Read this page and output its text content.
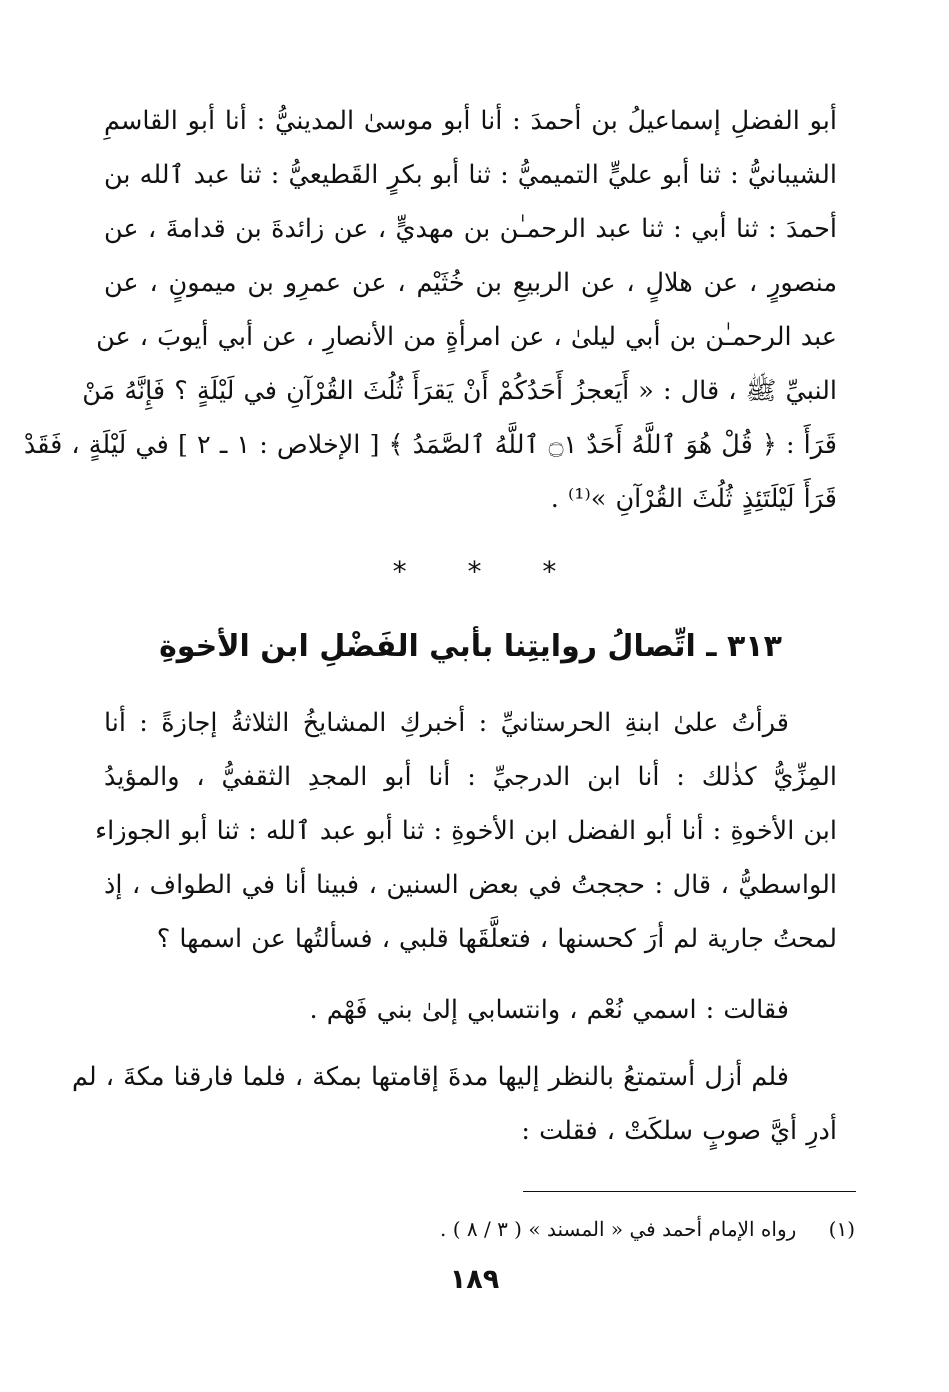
أبو الفضلِ إسماعيلُ بن أحمدَ : أنا أبو موسىٰ المدينيُّ : أنا أبو القاسمِ
الشيبانيُّ : ثنا أبو عليٍّ التميميُّ : ثنا أبو بكرٍ القَطيعيُّ : ثنا عبد ٱلله بن
أحمدَ : ثنا أبي : ثنا عبد الرحمـٰن بن مهديٍّ ، عن زائدةَ بن قدامةَ ، عن
منصورٍ ، عن هلالٍ ، عن الربيعِ بن خُثَيْم ، عن عمرِو بن ميمونٍ ، عن
عبد الرحمـٰن بن أبي ليلىٰ ، عن امرأةٍ من الأنصارِ ، عن أبي أيوبَ ، عن
النبيِّ ﷺ ، قال : « أَيَعجزُ أَحَدُكُمْ أَنْ يَقرَأَ ثُلُثَ القُرْآنِ في لَيْلَةٍ ؟ فَإِنَّهُ مَنْ
قَرَأَ : ﴿ قُلْ هُوَ ٱللَّهُ أَحَدٌ ۝١ ٱللَّهُ ٱلصَّمَدُ ﴾ [ الإخلاص : ١ ـ ٢ ] في لَيْلَةٍ ، فَقَدْ
قَرَأَ لَيْلَتَئِذٍ ثُلُثَ القُرْآنِ »⁽¹⁾ .
* * *
٣١٣ ـ اتِّصالُ روايتِنا بأبي الفَضْلِ ابن الأخوةِ
قرأتُ علىٰ ابنةِ الحرستانيِّ : أخبركِ المشايخُ الثلاثةُ إجازةً : أنا
المِزِّيُّ كذٰلك : أنا ابن الدرجيِّ : أنا أبو المجدِ الثقفيُّ ، والمؤيدُ
ابن الأخوةِ : أنا أبو الفضل ابن الأخوةِ : ثنا أبو عبد ٱلله : ثنا أبو الجوزاء
الواسطيُّ ، قال : حججتُ في بعض السنين ، فبينا أنا في الطواف ، إذ
لمحتُ جارية لم أرَ كحسنها ، فتعلَّقَها قلبي ، فسألتُها عن اسمها ؟
فقالت : اسمي نُعْم ، وانتسابي إلىٰ بني فَهْم .
فلم أزل أستمتعُ بالنظر إليها مدةَ إقامتها بمكة ، فلما فارقنا مكةَ ، لم
أدرِ أيَّ صوبٍ سلكَتْ ، فقلت :
(١) رواه الإمام أحمد في « المسند » ( ٣ / ٨ ) .
١٨٩
